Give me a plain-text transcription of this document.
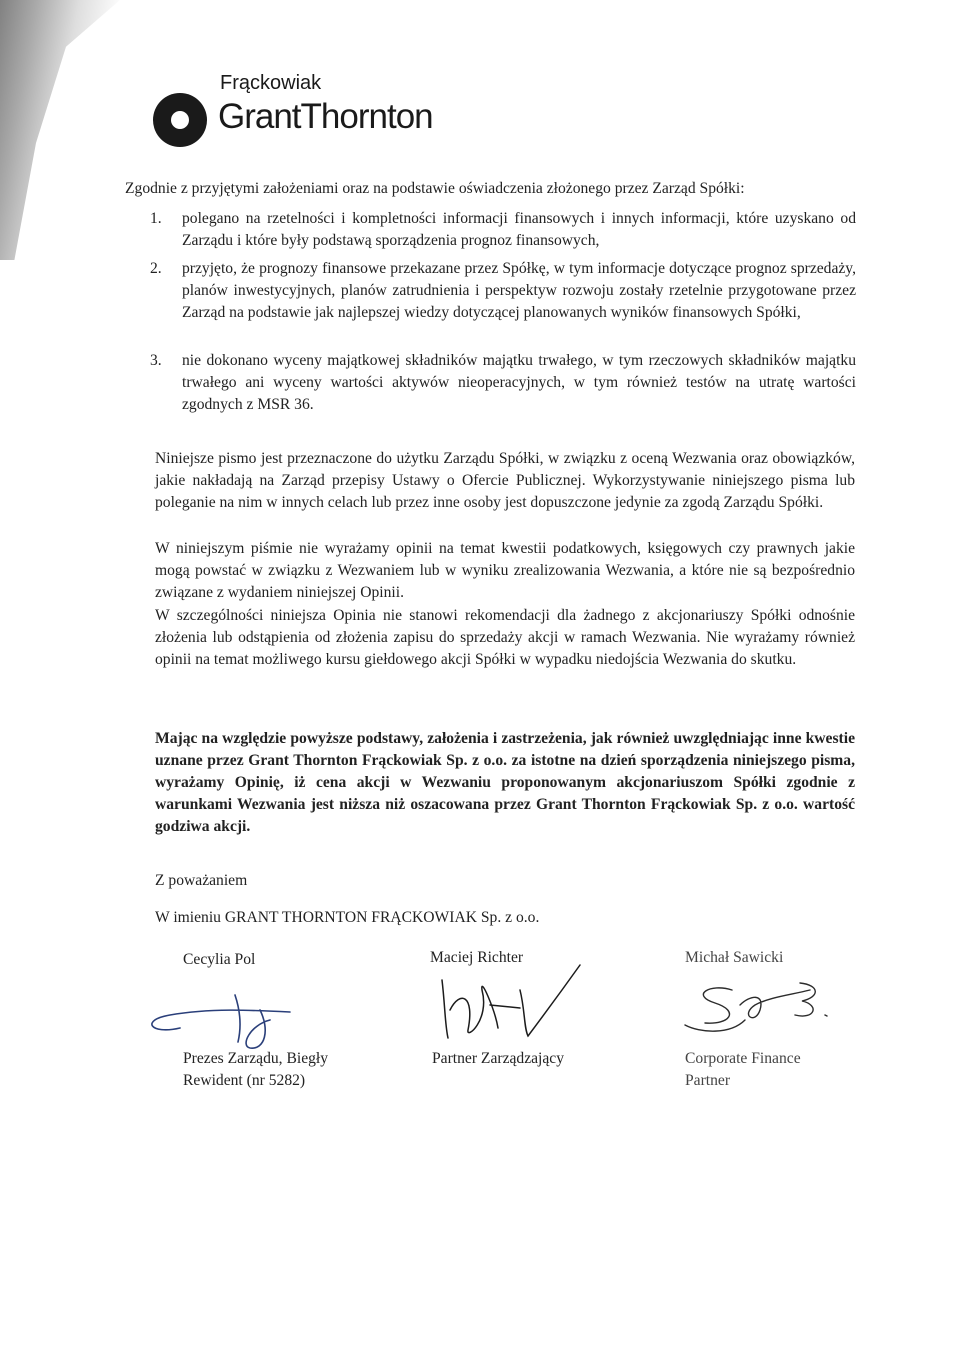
Frąckowiak
GrantThornton
Zgodnie z przyjętymi założeniami oraz na podstawie oświadczenia złożonego przez Zarząd Spółki:
1. polegano na rzetelności i kompletności informacji finansowych i innych informacji, które uzyskano od Zarządu i które były podstawą sporządzenia prognoz finansowych,
2. przyjęto, że prognozy finansowe przekazane przez Spółkę, w tym informacje dotyczące prognoz sprzedaży, planów inwestycyjnych, planów zatrudnienia i perspektyw rozwoju zostały rzetelnie przygotowane przez Zarząd na podstawie jak najlepszej wiedzy dotyczącej planowanych wyników finansowych Spółki,
3. nie dokonano wyceny majątkowej składników majątku trwałego, w tym rzeczowych składników majątku trwałego ani wyceny wartości aktywów nieoperacyjnych, w tym również testów na utratę wartości zgodnych z MSR 36.
Niniejsze pismo jest przeznaczone do użytku Zarządu Spółki, w związku z oceną Wezwania oraz obowiązków, jakie nakładają na Zarząd przepisy Ustawy o Ofercie Publicznej. Wykorzystywanie niniejszego pisma lub poleganie na nim w innych celach lub przez inne osoby jest dopuszczone jedynie za zgodą Zarządu Spółki.
W niniejszym piśmie nie wyrażamy opinii na temat kwestii podatkowych, księgowych czy prawnych jakie mogą powstać w związku z Wezwaniem lub w wyniku zrealizowania Wezwania, a które nie są bezpośrednio związane z wydaniem niniejszej Opinii.
W szczególności niniejsza Opinia nie stanowi rekomendacji dla żadnego z akcjonariuszy Spółki odnośnie złożenia lub odstąpienia od złożenia zapisu do sprzedaży akcji w ramach Wezwania. Nie wyrażamy również opinii na temat możliwego kursu giełdowego akcji Spółki w wypadku niedojścia Wezwania do skutku.
Mając na względzie powyższe podstawy, założenia i zastrzeżenia, jak również uwzględniając inne kwestie uznane przez Grant Thornton Frąckowiak Sp. z o.o. za istotne na dzień sporządzenia niniejszego pisma, wyrażamy Opinię, iż cena akcji w Wezwaniu proponowanym akcjonariuszom Spółki zgodnie z warunkami Wezwania jest niższa niż oszacowana przez Grant Thornton Frąckowiak Sp. z o.o. wartość godziwa akcji.
Z poważaniem
W imieniu GRANT THORNTON FRĄCKOWIAK Sp. z o.o.
Cecylia Pol
Prezes Zarządu, Biegły Rewident (nr 5282)
Maciej Richter
Partner Zarządzający
Michał Sawicki
Corporate Finance Partner
